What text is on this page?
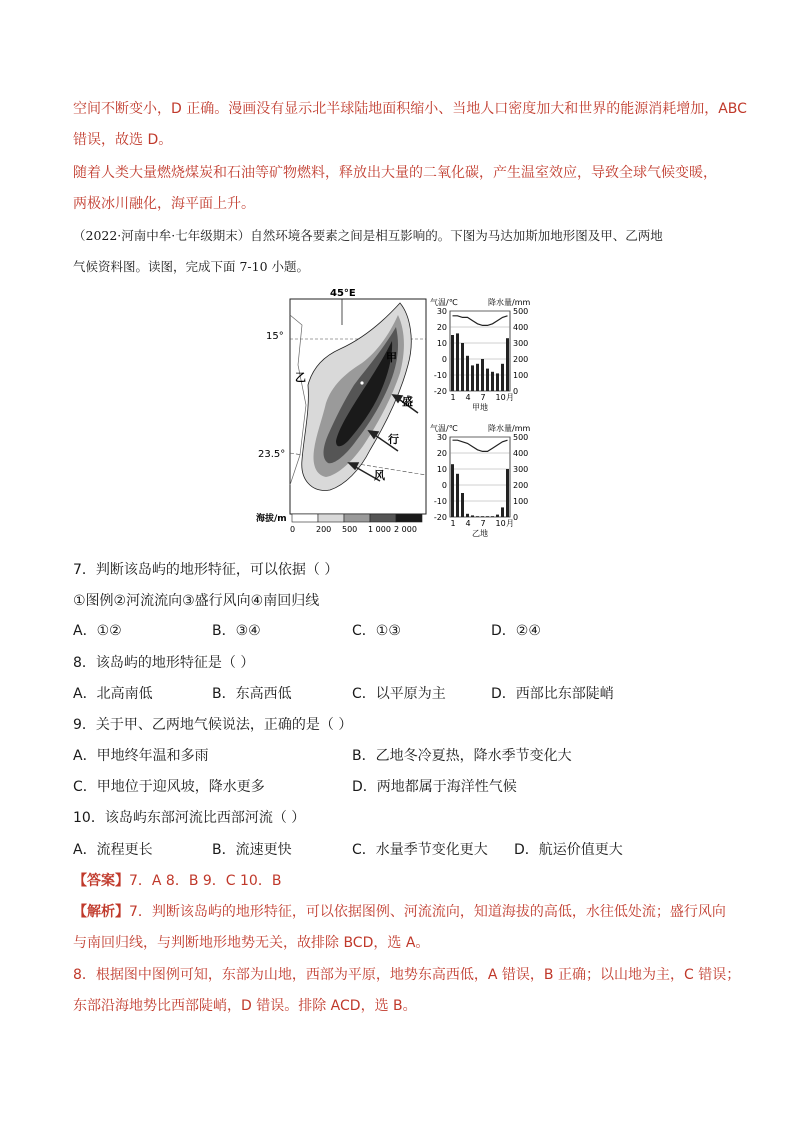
空间不断变小，D 正确。漫画没有显示北半球陆地面积缩小、当地人口密度加大和世界的能源消耗增加，ABC
错误，故选 D。
随着人类大量燃烧煤炭和石油等矿物燃料，释放出大量的二氧化碳，产生温室效应，导致全球气候变暖，
两极冰川融化，海平面上升。
（2022·河南中牟·七年级期末）自然环境各要素之间是相互影响的。下图为马达加斯加地形图及甲、乙两地
气候资料图。读图，完成下面 7-10 小题。
45°E
15°
23.5°
甲
乙
盛
行
风
海拔/m
0	200 500 1 000 2 000
气温/℃	降水量/mm
30
20
10
0
-10
-20
500
400
300
200
100
0
1 4 7 10 月
甲地
气温/℃	降水量/mm
30
20
10
0
-10
-20
500
400
300
200
100
0
1 4 7 10 月
乙地
7．判断该岛屿的地形特征，可以依据（ ）
①图例②河流流向③盛行风向④南回归线
A．①②	B．③④	C．①③	D．②④
8．该岛屿的地形特征是（ ）
A．北高南低	B．东高西低	C．以平原为主	D．西部比东部陡峭
9．关于甲、乙两地气候说法，正确的是（ ）
A．甲地终年温和多雨	B．乙地冬冷夏热，降水季节变化大
C．甲地位于迎风坡，降水更多	D．两地都属于海洋性气候
10．该岛屿东部河流比西部河流（ ）
A．流程更长	B．流速更快	C．水量季节变化更大 D．航运价值更大
【答案】7．A 8．B 9．C 10．B
【解析】7．判断该岛屿的地形特征，可以依据图例、河流流向，知道海拔的高低，水往低处流；盛行风向
与南回归线，与判断地形地势无关，故排除 BCD，选 A。
8．根据图中图例可知，东部为山地，西部为平原，地势东高西低，A 错误，B 正确；以山地为主，C 错误；
东部沿海地势比西部陡峭，D 错误。排除 ACD，选 B。
